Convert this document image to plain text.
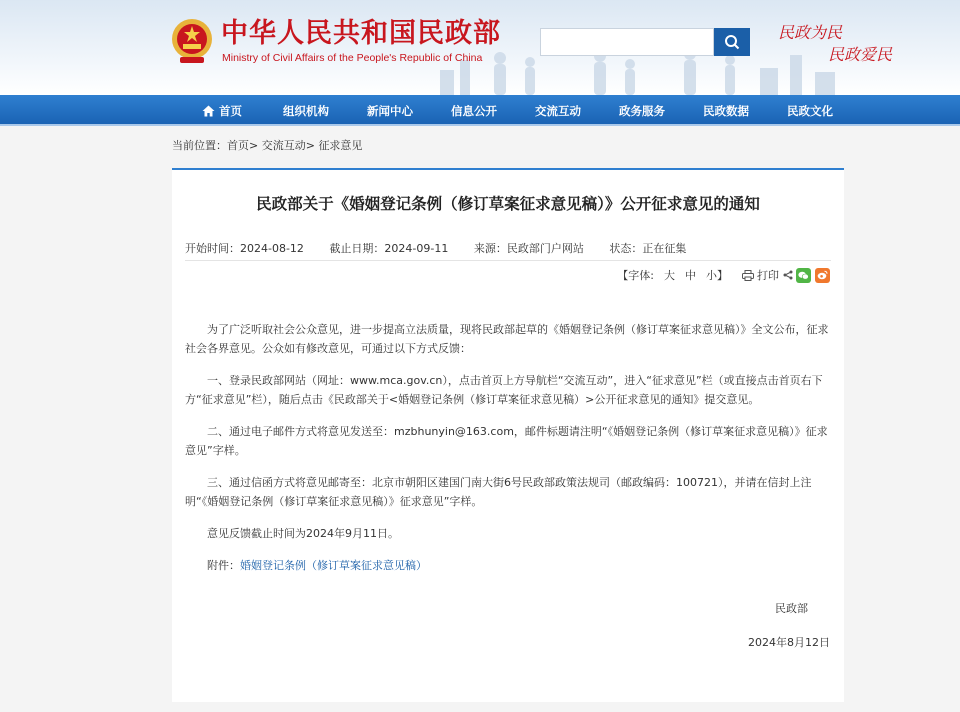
中华人民共和国民政部
Ministry of Civil Affairs of the People's Republic of China
民政为民
民政爱民
首页	组织机构	新闻中心	信息公开	交流互动	政务服务	民政数据	民政文化
当前位置：首页> 交流互动> 征求意见
民政部关于《婚姻登记条例（修订草案征求意见稿）》公开征求意见的通知
开始时间：2024-08-12 截止日期：2024-09-11 来源：民政部门户网站 状态：正在征集
【字体: 大 中 小】	打印

为了广泛听取社会公众意见，进一步提高立法质量，现将民政部起草的《婚姻登记条例（修订草案征求意见稿）》全文公布，征求社会各界意见。公众如有修改意见，可通过以下方式反馈：

一、登录民政部网站（网址：www.mca.gov.cn），点击首页上方导航栏“交流互动”，进入“征求意见”栏（或直接点击首页右下方“征求意见”栏），随后点击《民政部关于<婚姻登记条例（修订草案征求意见稿）>公开征求意见的通知》提交意见。

二、通过电子邮件方式将意见发送至：mzbhunyin@163.com，邮件标题请注明“《婚姻登记条例（修订草案征求意见稿）》征求意见”字样。

三、通过信函方式将意见邮寄至：北京市朝阳区建国门南大街6号民政部政策法规司（邮政编码：100721），并请在信封上注明“《婚姻登记条例（修订草案征求意见稿）》征求意见”字样。

意见反馈截止时间为2024年9月11日。

附件：婚姻登记条例（修订草案征求意见稿）

民政部
2024年8月12日
